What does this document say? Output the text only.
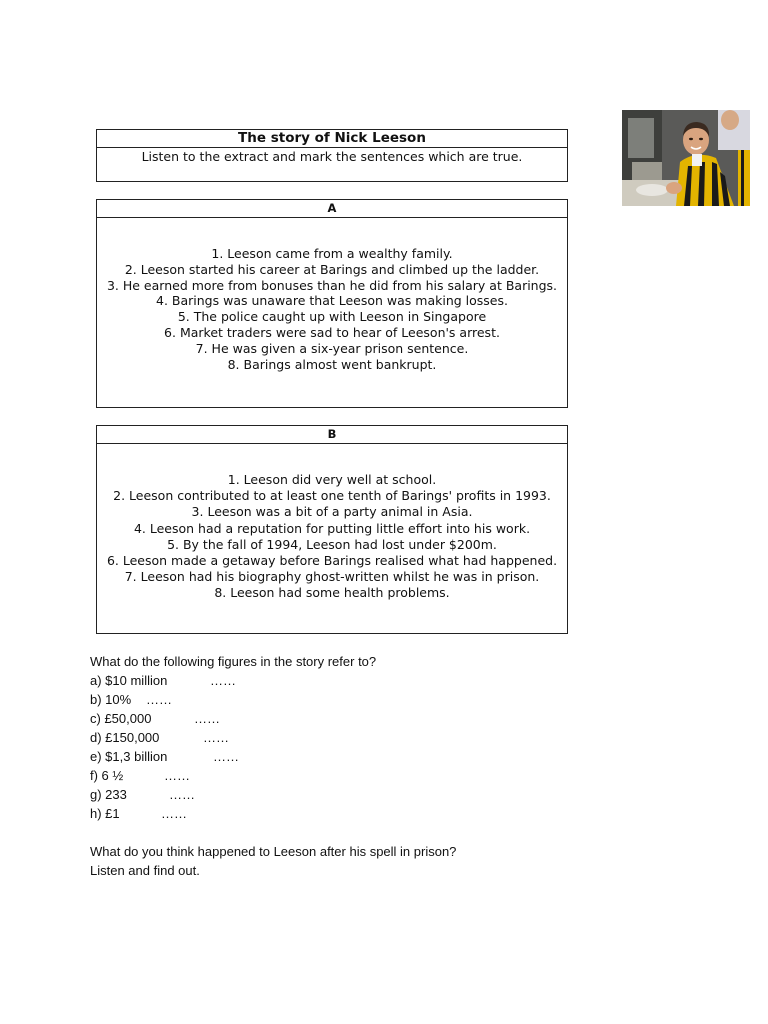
The story of Nick Leeson
Listen to the extract and mark the sentences which are true.
A
1. Leeson came from a wealthy family.
2. Leeson started his career at Barings and climbed up the ladder.
3. He earned more from bonuses than he did from his salary at Barings.
4. Barings was unaware that Leeson was making losses.
5. The police caught up with Leeson in Singapore
6. Market traders were sad to hear of Leeson's arrest.
7. He was given a six-year prison sentence.
8. Barings almost went bankrupt.
B
1. Leeson did very well at school.
2. Leeson contributed to at least one tenth of Barings' profits in 1993.
3. Leeson was a bit of a party animal in Asia.
4. Leeson had a reputation for putting little effort into his work.
5. By the fall of 1994, Leeson had lost under $200m.
6. Leeson made a getaway before Barings realised what had happened.
7. Leeson had his biography ghost-written whilst he was in prison.
8. Leeson had some health problems.

What do the following figures in the story refer to?

a) $10 million	……
b) 10%	……
c) £50,000	……
d) £150,000	……
e) $1,3 billion	……
f) 6 ½	……
g) 233	……
h) £1	……

What do you think happened to Leeson after his spell in prison?

Listen and find out.
